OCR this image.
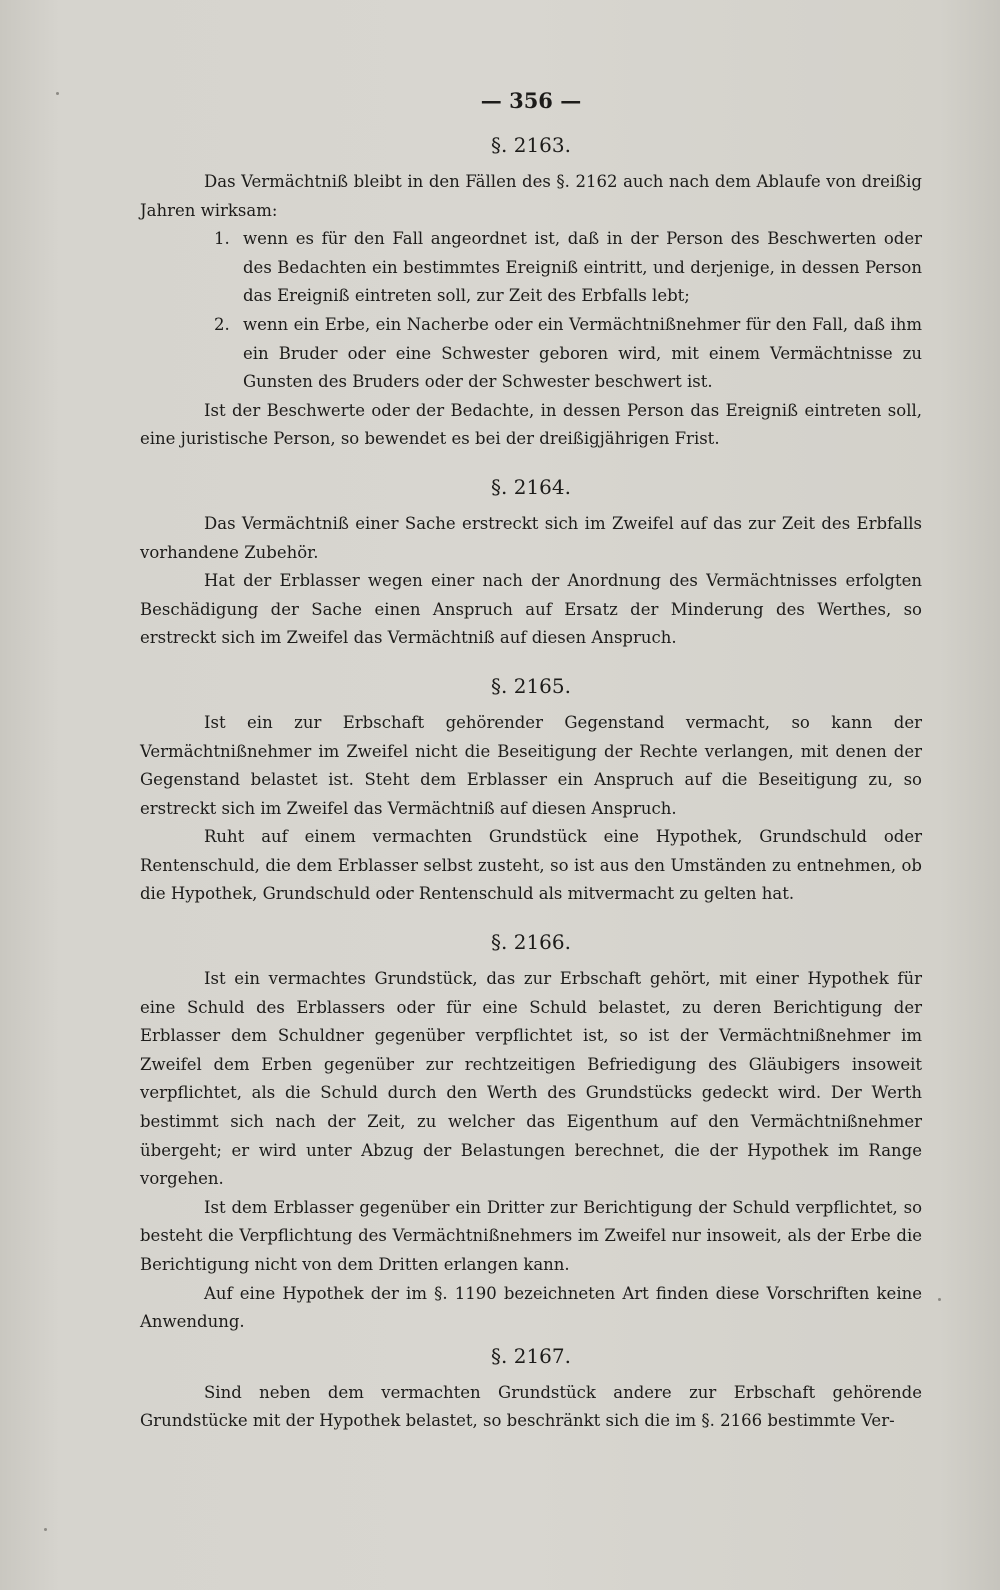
— 356 —
§. 2163.

Das Vermächtniß bleibt in den Fällen des §. 2162 auch nach dem Ablaufe von dreißig Jahren wirksam:

1. wenn es für den Fall angeordnet ist, daß in der Person des Beschwerten oder des Bedachten ein bestimmtes Ereigniß eintritt, und derjenige, in dessen Person das Ereigniß eintreten soll, zur Zeit des Erbfalls lebt;
2. wenn ein Erbe, ein Nacherbe oder ein Vermächtnißnehmer für den Fall, daß ihm ein Bruder oder eine Schwester geboren wird, mit einem Vermächtnisse zu Gunsten des Bruders oder der Schwester beschwert ist.

Ist der Beschwerte oder der Bedachte, in dessen Person das Ereigniß eintreten soll, eine juristische Person, so bewendet es bei der dreißigjährigen Frist.

§. 2164.

Das Vermächtniß einer Sache erstreckt sich im Zweifel auf das zur Zeit des Erbfalls vorhandene Zubehör.

Hat der Erblasser wegen einer nach der Anordnung des Vermächtnisses erfolgten Beschädigung der Sache einen Anspruch auf Ersatz der Minderung des Werthes, so erstreckt sich im Zweifel das Vermächtniß auf diesen Anspruch.

§. 2165.

Ist ein zur Erbschaft gehörender Gegenstand vermacht, so kann der Vermächtnißnehmer im Zweifel nicht die Beseitigung der Rechte verlangen, mit denen der Gegenstand belastet ist. Steht dem Erblasser ein Anspruch auf die Beseitigung zu, so erstreckt sich im Zweifel das Vermächtniß auf diesen Anspruch.

Ruht auf einem vermachten Grundstück eine Hypothek, Grundschuld oder Rentenschuld, die dem Erblasser selbst zusteht, so ist aus den Umständen zu entnehmen, ob die Hypothek, Grundschuld oder Rentenschuld als mitvermacht zu gelten hat.

§. 2166.

Ist ein vermachtes Grundstück, das zur Erbschaft gehört, mit einer Hypothek für eine Schuld des Erblassers oder für eine Schuld belastet, zu deren Berichtigung der Erblasser dem Schuldner gegenüber verpflichtet ist, so ist der Vermächtnißnehmer im Zweifel dem Erben gegenüber zur rechtzeitigen Befriedigung des Gläubigers insoweit verpflichtet, als die Schuld durch den Werth des Grundstücks gedeckt wird. Der Werth bestimmt sich nach der Zeit, zu welcher das Eigenthum auf den Vermächtnißnehmer übergeht; er wird unter Abzug der Belastungen berechnet, die der Hypothek im Range vorgehen.

Ist dem Erblasser gegenüber ein Dritter zur Berichtigung der Schuld verpflichtet, so besteht die Verpflichtung des Vermächtnißnehmers im Zweifel nur insoweit, als der Erbe die Berichtigung nicht von dem Dritten erlangen kann.

Auf eine Hypothek der im §. 1190 bezeichneten Art finden diese Vorschriften keine Anwendung.

§. 2167.

Sind neben dem vermachten Grundstück andere zur Erbschaft gehörende Grundstücke mit der Hypothek belastet, so beschränkt sich die im §. 2166 bestimmte Ver-
